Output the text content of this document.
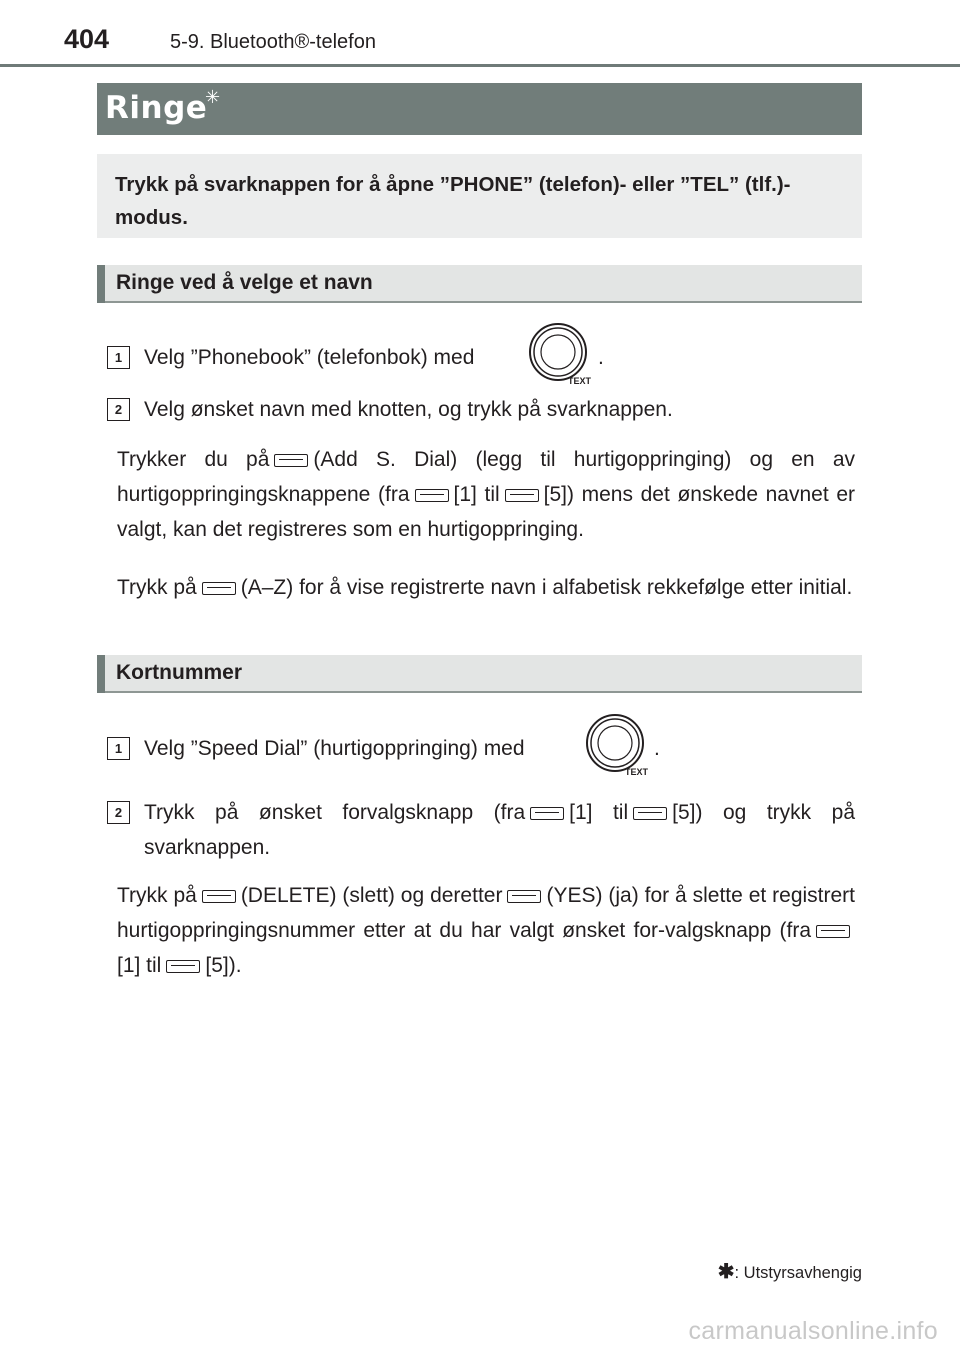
404	5-9. Bluetooth®-telefon
Ringe
✳
Trykk på svarknappen for å åpne ”PHONE” (telefon)- eller ”TEL” (tlf.)-modus.
Ringe ved å velge et navn
1	Velg ”Phonebook” (telefonbok) med
TEXT
.
2	Velg ønsket navn med knotten, og trykk på svarknappen.
Trykker du på (Add S. Dial) (legg til hurtigoppringing) og en av hurtigoppringingsknappene (fra [1] til [5]) mens det ønskede navnet er valgt, kan det registreres som en hurtigoppringing.
Trykk på (A–Z) for å vise registrerte navn i alfabetisk rekkefølge etter initial.
Kortnummer
1	Velg ”Speed Dial” (hurtigoppringing) med
TEXT
.
2	Trykk på ønsket forvalgsknapp (fra [1] til [5]) og trykk på svarknappen.
Trykk på (DELETE) (slett) og deretter (YES) (ja) for å slette et registrert hurtigoppringingsnummer etter at du har valgt ønsket for-valgsknapp (fra[1] til [5]).
✱: Utstyrsavhengig
carmanualsonline.info
